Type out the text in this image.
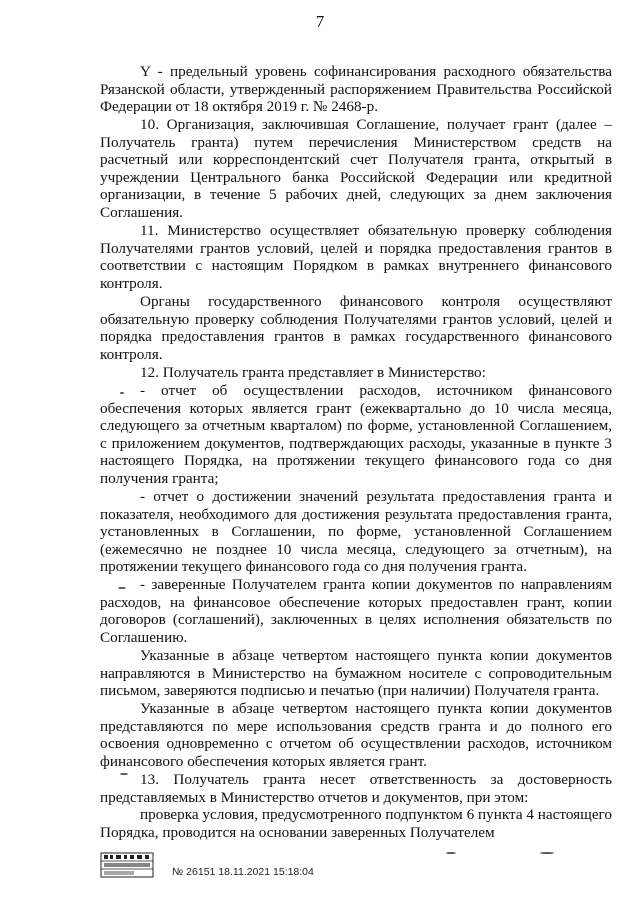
7

Y - предельный уровень софинансирования расходного обязательства Рязанской области, утвержденный распоряжением Правительства Российской Федерации от 18 октября 2019 г. № 2468-р.

10. Организация, заключившая Соглашение, получает грант (далее – Получатель гранта) путем перечисления Министерством средств на расчетный или корреспондентский счет Получателя гранта, открытый в учреждении Центрального банка Российской Федерации или кредитной организации, в течение 5 рабочих дней, следующих за днем заключения Соглашения.

11. Министерство осуществляет обязательную проверку соблюдения Получателями грантов условий, целей и порядка предоставления грантов в соответствии с настоящим Порядком в рамках внутреннего финансового контроля.

Органы государственного финансового контроля осуществляют обязательную проверку соблюдения Получателями грантов условий, целей и порядка предоставления грантов в рамках государственного финансового контроля.

12. Получатель гранта представляет в Министерство:

- отчет об осуществлении расходов, источником финансового обеспечения которых является грант (ежеквартально до 10 числа месяца, следующего за отчетным кварталом) по форме, установленной Соглашением, с приложением документов, подтверждающих расходы, указанные в пункте 3 настоящего Порядка, на протяжении текущего финансового года со дня получения гранта;

- отчет о достижении значений результата предоставления гранта и показателя, необходимого для достижения результата предоставления гранта, установленных в Соглашении, по форме, установленной Соглашением (ежемесячно не позднее 10 числа месяца, следующего за отчетным), на протяжении текущего финансового года со дня получения гранта.

- заверенные Получателем гранта копии документов по направлениям расходов, на финансовое обеспечение которых предоставлен грант, копии договоров (соглашений), заключенных в целях исполнения обязательств по Соглашению.

Указанные в абзаце четвертом настоящего пункта копии документов направляются в Министерство на бумажном носителе с сопроводительным письмом, заверяются подписью и печатью (при наличии) Получателя гранта.

Указанные в абзаце четвертом настоящего пункта копии документов представляются по мере использования средств гранта и до полного его освоения одновременно с отчетом об осуществлении расходов, источником финансового обеспечения которых является грант.

13. Получатель гранта несет ответственность за достоверность представляемых в Министерство отчетов и документов, при этом:

проверка условия, предусмотренного подпунктом 6 пункта 4 настоящего Порядка, проводится на основании заверенных Получателем

№ 26151 18.11.2021 15:18:04
